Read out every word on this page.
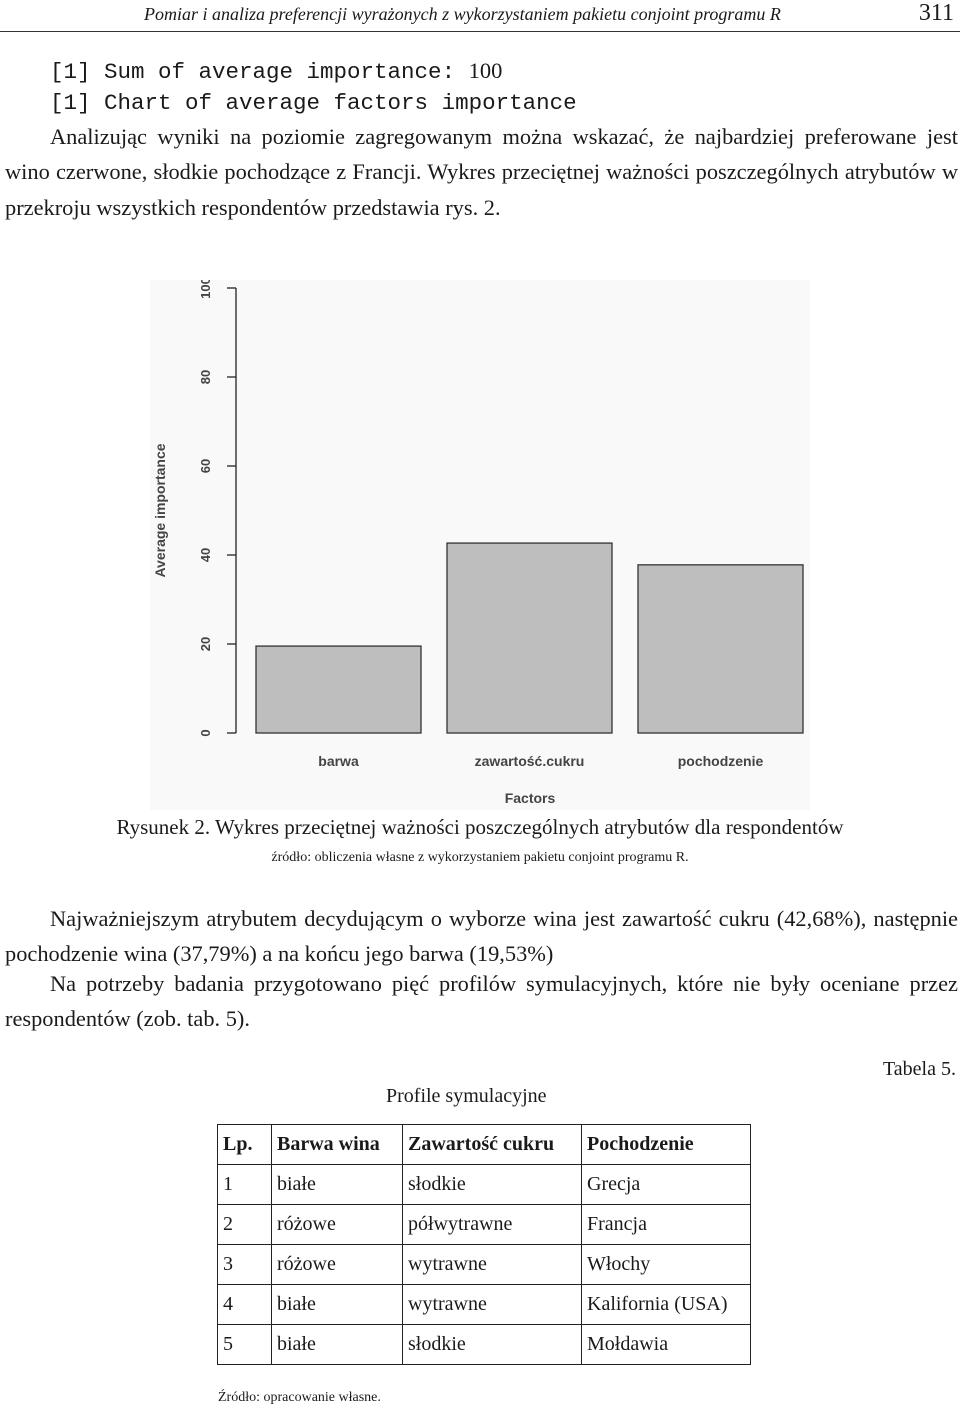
Pomiar i analiza preferencji wyrażonych z wykorzystaniem pakietu conjoint programu R	311
[1] Sum of average importance: 100
[1] Chart of average factors importance
Analizując wyniki na poziomie zagregowanym można wskazać, że najbardziej preferowane jest wino czerwone, słodkie pochodzące z Francji. Wykres przeciętnej ważności poszczególnych atrybutów w przekroju wszystkich respondentów przedstawia rys. 2.
0
20
40
60
80
100
Average importance
barwa	zawartość.cukru	pochodzenie
Factors
Rysunek 2. Wykres przeciętnej ważności poszczególnych atrybutów dla respondentów
źródło: obliczenia własne z wykorzystaniem pakietu conjoint programu R.
Najważniejszym atrybutem decydującym o wyborze wina jest zawartość cukru (42,68%), następnie pochodzenie wina (37,79%) a na końcu jego barwa (19,53%)
Na potrzeby badania przygotowano pięć profilów symulacyjnych, które nie były oceniane przez respondentów (zob. tab. 5).
Tabela 5.
Profile symulacyjne
Lp.	Barwa wina	Zawartość cukru	Pochodzenie
1	białe	słodkie	Grecja
2	różowe	półwytrawne	Francja
3	różowe	wytrawne	Włochy
4	białe	wytrawne	Kalifornia (USA)
5	białe	słodkie	Mołdawia
Źródło: opracowanie własne.
